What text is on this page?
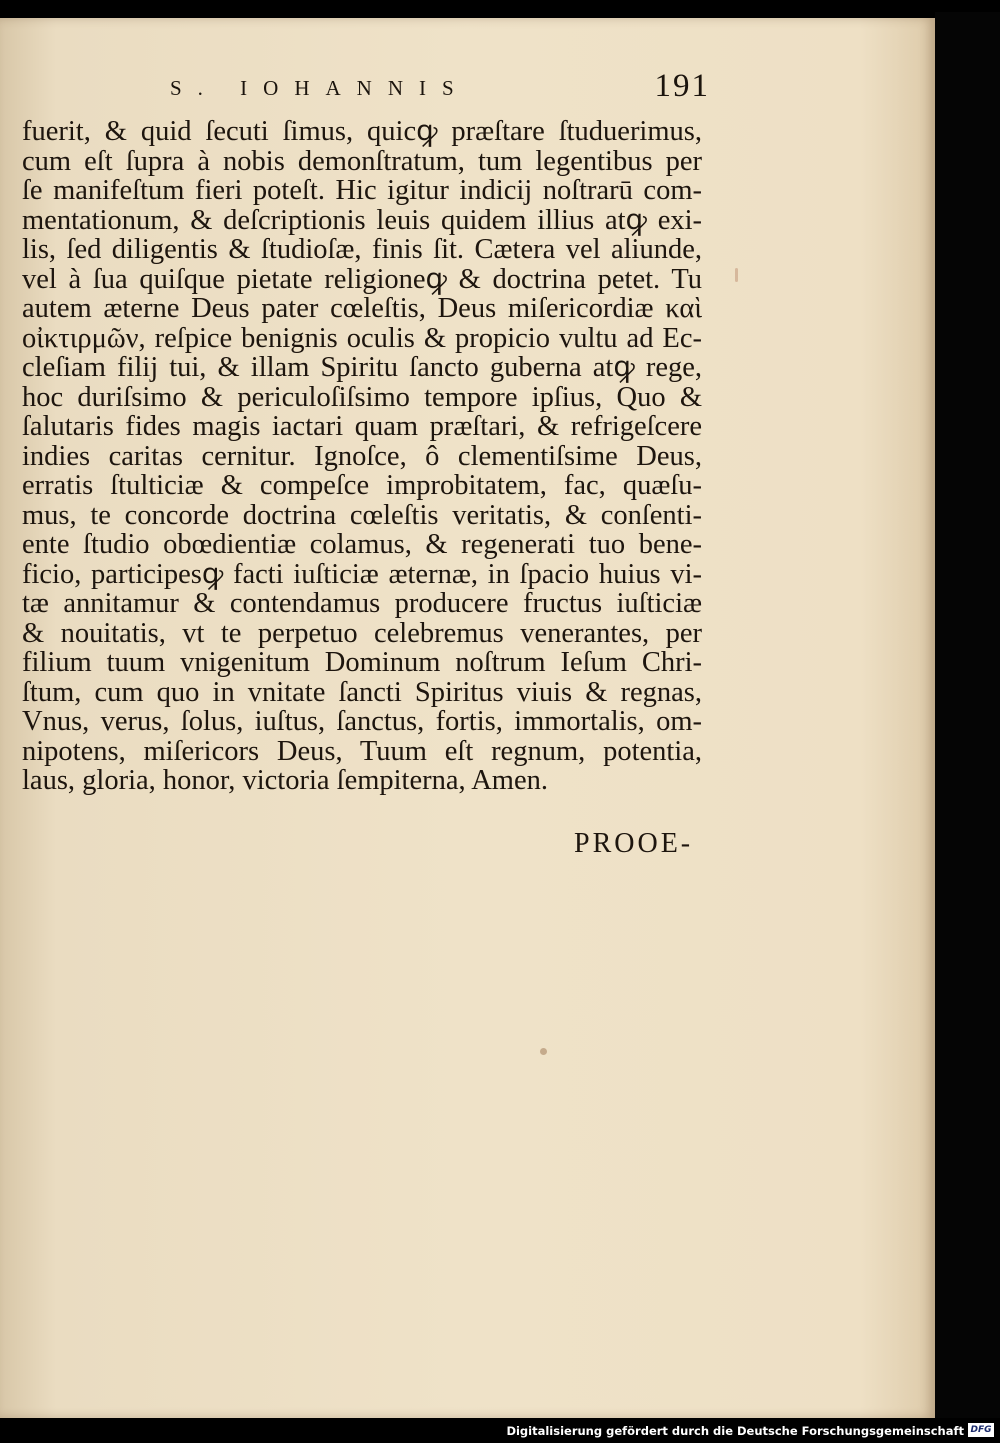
S. IOHANNIS	191
fuerit, & quid ſecuti ſimus, quicꝙ præſtare ſtuduerimus,
cum eſt ſupra à nobis demonſtratum, tum legentibus per
ſe manifeſtum fieri poteſt. Hic igitur indicij noſtrarū com-
mentationum, & deſcriptionis leuis quidem illius atꝙ exi-
lis, ſed diligentis & ſtudioſæ, finis ſit. Cætera vel aliunde,
vel à ſua quiſque pietate religioneꝙ & doctrina petet. Tu
autem æterne Deus pater cœleſtis, Deus miſericordiæ καὶ
οἰκτιρμῶν, reſpice benignis oculis & propicio vultu ad Ec-
cleſiam filij tui, & illam Spiritu ſancto guberna atꝙ rege,
hoc duriſsimo & periculoſiſsimo tempore ipſius, Quo &
ſalutaris fides magis iactari quam præſtari, & refrigeſcere
indies caritas cernitur. Ignoſce, ô clementiſsime Deus,
erratis ſtulticiæ & compeſce improbitatem, fac, quæſu-
mus, te concorde doctrina cœleſtis veritatis, & conſenti-
ente ſtudio obœdientiæ colamus, & regenerati tuo bene-
ficio, participesꝙ facti iuſticiæ æternæ, in ſpacio huius vi-
tæ annitamur & contendamus producere fructus iuſticiæ
& nouitatis, vt te perpetuo celebremus venerantes, per
filium tuum vnigenitum Dominum noſtrum Ieſum Chri-
ſtum, cum quo in vnitate ſancti Spiritus viuis & regnas,
Vnus, verus, ſolus, iuſtus, ſanctus, fortis, immortalis, om-
nipotens, miſericors Deus, Tuum eſt regnum, potentia,
laus, gloria, honor, victoria ſempiterna, Amen.
PROOE-
Digitalisierung gefördert durch die Deutsche Forschungsgemeinschaft DFG
